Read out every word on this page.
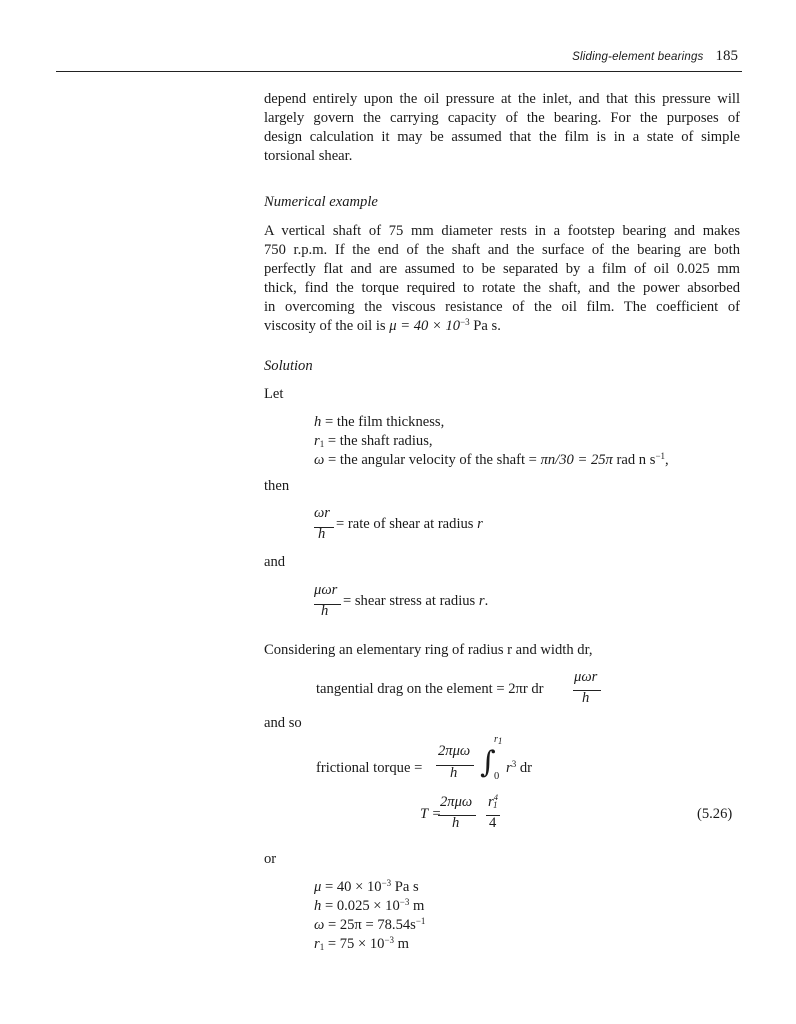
Sliding-element bearings 185
depend entirely upon the oil pressure at the inlet, and that this pressure will
largely govern the carrying capacity of the bearing. For the purposes of
design calculation it may be assumed that the film is in a state of simple
torsional shear.
Numerical example
A vertical shaft of 75 mm diameter rests in a footstep bearing and makes
750 r.p.m. If the end of the shaft and the surface of the bearing are both
perfectly flat and are assumed to be separated by a film of oil 0.025 mm
thick, find the torque required to rotate the shaft, and the power absorbed
in overcoming the viscous resistance of the oil film. The coefficient of
viscosity of the oil is $\mu = 40 \times 10^{-3}$ Pa s.
Solution
Let
h = the film thickness,
$r_1$ = the shaft radius,
ω = the angular velocity of the shaft = πn/30 = 25π rad n $s^{-1}$,
then
ωr
h
= rate of shear at radius r
and
μωr
h
= shear stress at radius r.
Considering an elementary ring of radius r and width dr,
tangential drag on the element = 2πr dr
μωr
h
and so
frictional torque =
2πμω
h ∫
$r_1$
0
$r^3$ dr
T =
2πμω
h
$r^4_1$
4
(5.26)
or
$\mu = 40 \times 10^{-3}$ Pa s
$h = 0.025 \times 10^{-3}$ m
$\omega = 25\pi = 78.54s^{-1}$
$r_1 = 75 \times 10^{-3}$ m
